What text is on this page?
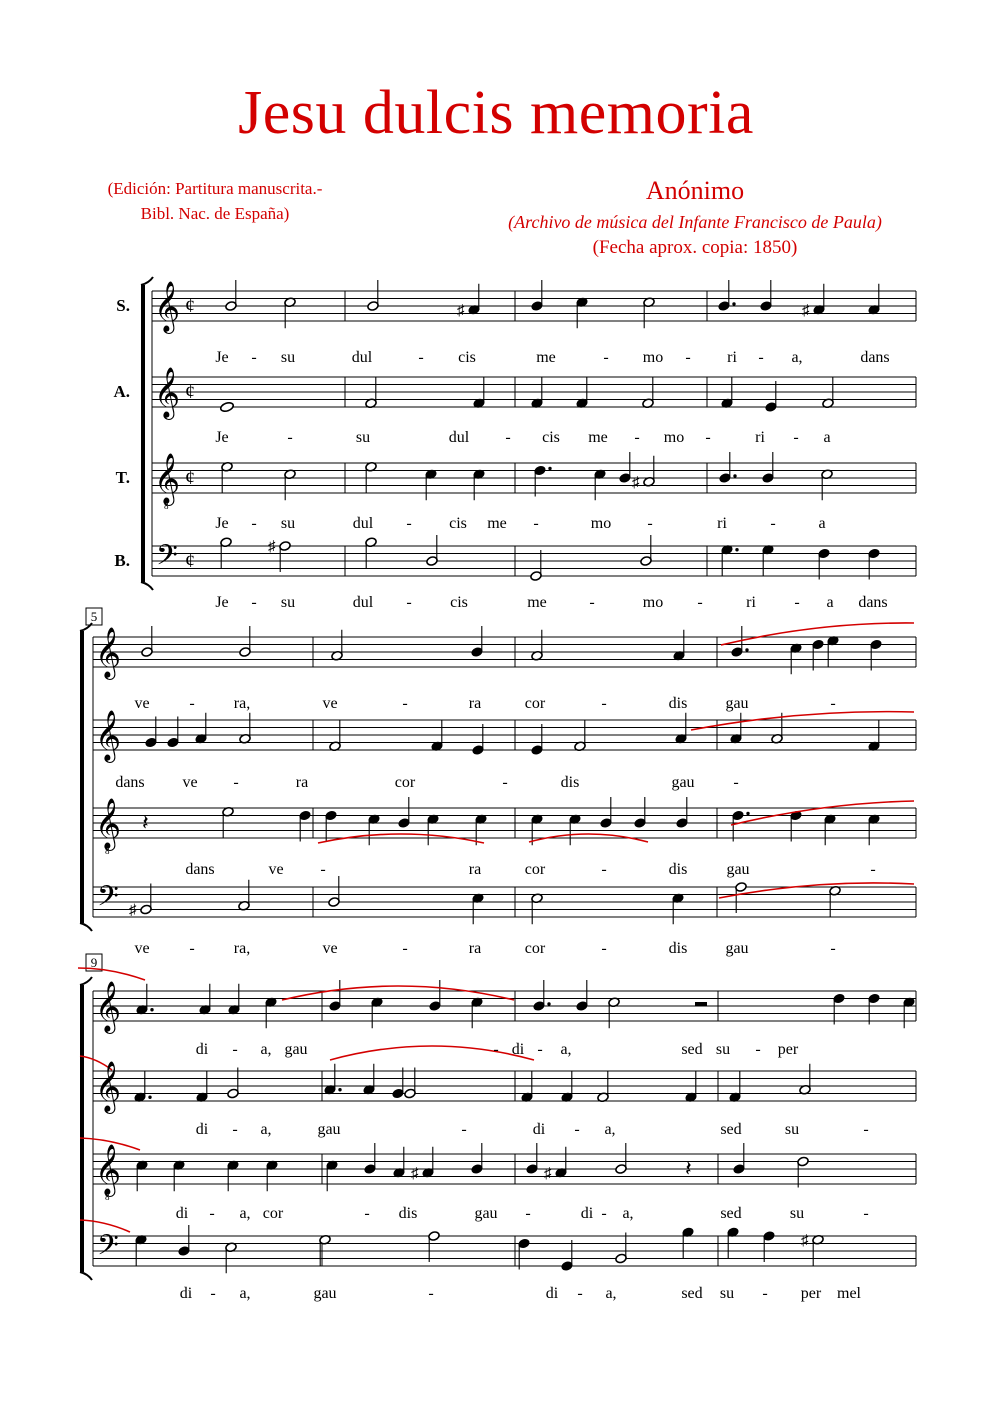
Jesu dulcis memoria
(Edición: Partitura manuscrita.-
Bibl. Nac. de España)
Anónimo
(Archivo de música del Infante Francisco de Paula)
(Fecha aprox. copia: 1850)
𝄞 ¢
S.	♯	♯
Je - su	dul	- cis	me	- mo - ri - a,	dans
𝄞 ¢
A.
Je	-	su	dul - cis me - mo -	ri - a
𝄞
8
¢
T.	♯
Je - su	dul - cis me -	mo -	ri	-	a
𝄢 ¢
B.
♯
Je - su	dul - cis	me	-	mo -	ri - a dans
5
𝄞
ve - ra,	ve	-	ra	cor	-	dis gau	-
𝄞
dans ve -	ra	cor	-	dis	gau -
𝄞
8
𝄽
dans	ve -	ra	cor	-	dis gau	-
𝄢 ♯
ve - ra,	ve	-	ra	cor	-	dis gau	-
9
𝄞
di - a, gau	- di - a,	sed su - per
𝄞
di - a,	gau	-	di - a,	sed	su	-
𝄞
8
♯	♯	𝄽
di - a, cor	- dis	gau -	di - a,	sed	su	-
𝄢	♯
di - a,	gau	-	di - a,	sed su - per mel
